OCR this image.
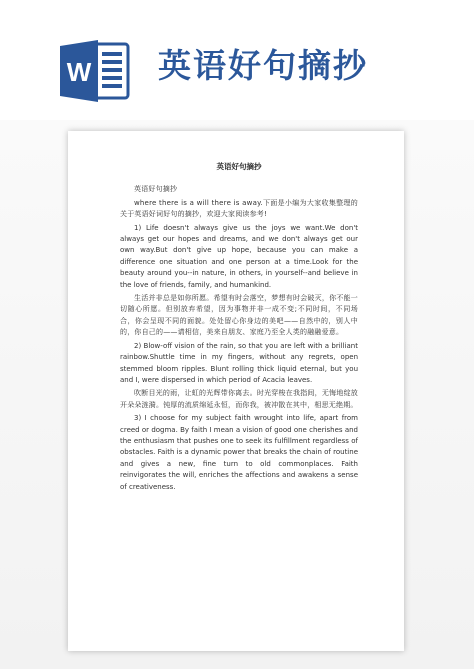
W 英语好句摘抄
英语好句摘抄
英语好句摘抄
where there is a will there is away.下面是小编为大家收集整理的关于英语好词好句的摘抄，欢迎大家阅读参考!
1) Life doesn't always give us the joys we want.We don't always get our hopes and dreams, and we don't always get our own way.But don't give up hope, because you can make a difference one situation and one person at a time.Look for the beauty around you--in nature, in others, in yourself--and believe in the love of friends, family, and humankind.
生活并非总是如你所愿。希望有时会落空，梦想有时会破灭，你不能一切随心所愿。但别放弃希望，因为事物并非一成不变;不同时间，不同场合，你会呈现不同的面貌。处处留心你身边的美吧——自然中的，别人中的，你自己的——请相信，美来自朋友、家庭乃至全人类的融融爱意。
2) Blow-off vision of the rain, so that you are left with a brilliant rainbow.Shuttle time in my fingers, without any regrets, open stemmed bloom ripples. Blunt rolling thick liquid eternal, but you and I, were dispersed in which period of Acacia leaves.
吹断目光的雨，让虹的光辉带你离去。时光穿梭在我指间，无悔地绽放开朵朵涟漪。钝厚的流质绵延永恒，而你我，被冲散在其中，相思无绝期。
3) I choose for my subject faith wrought into life, apart from creed or dogma. By faith I mean a vision of good one cherishes and the enthusiasm that pushes one to seek its fulfillment regardless of obstacles. Faith is a dynamic power that breaks the chain of routine and gives a new, fine turn to old commonplaces. Faith reinvigorates the will, enriches the affections and awakens a sense of creativeness.
